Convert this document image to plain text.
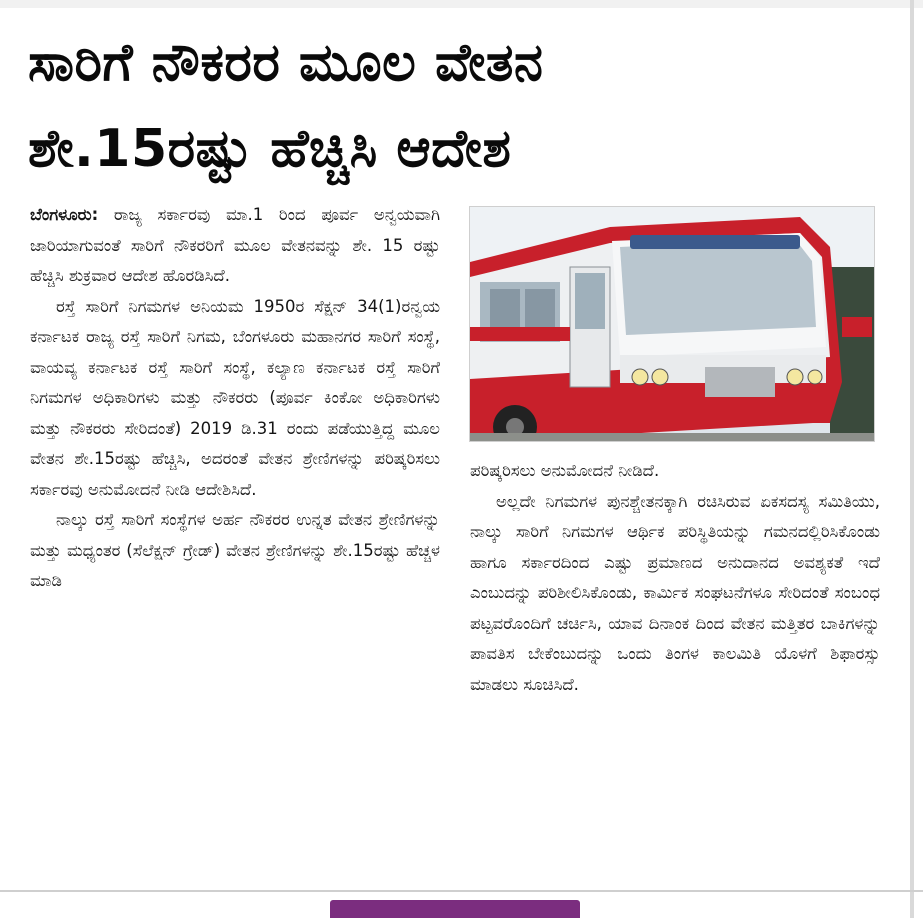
ಸಾರಿಗೆ ನೌಕರರ ಮೂಲ ವೇತನ
ಶೇ.15ರಷ್ಟು ಹೆಚ್ಚಿಸಿ ಆದೇಶ

ಬೆಂಗಳೂರು: ರಾಜ್ಯ ಸರ್ಕಾರವು ಮಾ.1 ರಿಂದ ಪೂರ್ವ ಅನ್ವಯವಾಗಿ ಜಾರಿಯಾಗುವಂತೆ ಸಾರಿಗೆ ನೌಕರರಿಗೆ ಮೂಲ ವೇತನವನ್ನು ಶೇ. 15 ರಷ್ಟು ಹೆಚ್ಚಿಸಿ ಶುಕ್ರವಾರ ಆದೇಶ ಹೊರಡಿಸಿದೆ.

ರಸ್ತೆ ಸಾರಿಗೆ ನಿಗಮಗಳ ಅನಿಯಮ 1950ರ ಸೆಕ್ಷನ್ 34(1)ರನ್ವಯ ಕರ್ನಾಟಕ ರಾಜ್ಯ ರಸ್ತೆ ಸಾರಿಗೆ ನಿಗಮ, ಬೆಂಗಳೂರು ಮಹಾನಗರ ಸಾರಿಗೆ ಸಂಸ್ಥೆ, ವಾಯವ್ಯ ಕರ್ನಾಟಕ ರಸ್ತೆ ಸಾರಿಗೆ ಸಂಸ್ಥೆ, ಕಲ್ಯಾಣ ಕರ್ನಾಟಕ ರಸ್ತೆ ಸಾರಿಗೆ ನಿಗಮಗಳ ಅಧಿಕಾರಿಗಳು ಮತ್ತು ನೌಕರರು (ಪೂರ್ವ ಕಿಂಕೋ ಅಧಿಕಾರಿಗಳು ಮತ್ತು ನೌಕರರು ಸೇರಿದಂತೆ) 2019 ಡಿ.31 ರಂದು ಪಡೆಯುತ್ತಿದ್ದ ಮೂಲ ವೇತನ ಶೇ.15ರಷ್ಟು ಹೆಚ್ಚಿಸಿ, ಅದರಂತೆ ವೇತನ ಶ್ರೇಣಿಗಳನ್ನು ಪರಿಷ್ಕರಿಸಲು ಸರ್ಕಾರವು ಅನುಮೋದನೆ ನೀಡಿ ಆದೇಶಿಸಿದೆ.

ನಾಲ್ಕು ರಸ್ತೆ ಸಾರಿಗೆ ಸಂಸ್ಥೆಗಳ ಅರ್ಹ ನೌಕರರ ಉನ್ನತ ವೇತನ ಶ್ರೇಣಿಗಳನ್ನು ಮತ್ತು ಮಧ್ಯಂತರ (ಸೆಲೆಕ್ಷನ್ ಗ್ರೇಡ್) ವೇತನ ಶ್ರೇಣಿಗಳನ್ನು ಶೇ.15ರಷ್ಟು ಹೆಚ್ಚಳ ಮಾಡಿ

ಪರಿಷ್ಕರಿಸಲು ಅನುಮೋದನೆ ನೀಡಿದೆ.

ಅಲ್ಲದೇ ನಿಗಮಗಳ ಪುನಶ್ಚೇತನಕ್ಕಾಗಿ ರಚಿಸಿರುವ ಏಕಸದಸ್ಯ ಸಮಿತಿಯು, ನಾಲ್ಕು ಸಾರಿಗೆ ನಿಗಮಗಳ ಆರ್ಥಿಕ ಪರಿಸ್ಥಿತಿಯನ್ನು ಗಮನದಲ್ಲಿರಿಸಿಕೊಂಡು ಹಾಗೂ ಸರ್ಕಾರದಿಂದ ಎಷ್ಟು ಪ್ರಮಾಣದ ಅನುದಾನದ ಅವಶ್ಯಕತೆ ಇದೆ ಎಂಬುದನ್ನು ಪರಿಶೀಲಿಸಿಕೊಂಡು, ಕಾರ್ಮಿಕ ಸಂಘಟನೆಗಳೂ ಸೇರಿದಂತೆ ಸಂಬಂಧ ಪಟ್ಟವರೊಂದಿಗೆ ಚರ್ಚಿಸಿ, ಯಾವ ದಿನಾಂಕ ದಿಂದ ವೇತನ ಮತ್ತಿತರ ಬಾಕಿಗಳನ್ನು ಪಾವತಿಸ ಬೇಕೆಂಬುದನ್ನು ಒಂದು ತಿಂಗಳ ಕಾಲಮಿತಿ ಯೊಳಗೆ ಶಿಫಾರಸ್ಸು ಮಾಡಲು ಸೂಚಿಸಿದೆ.
